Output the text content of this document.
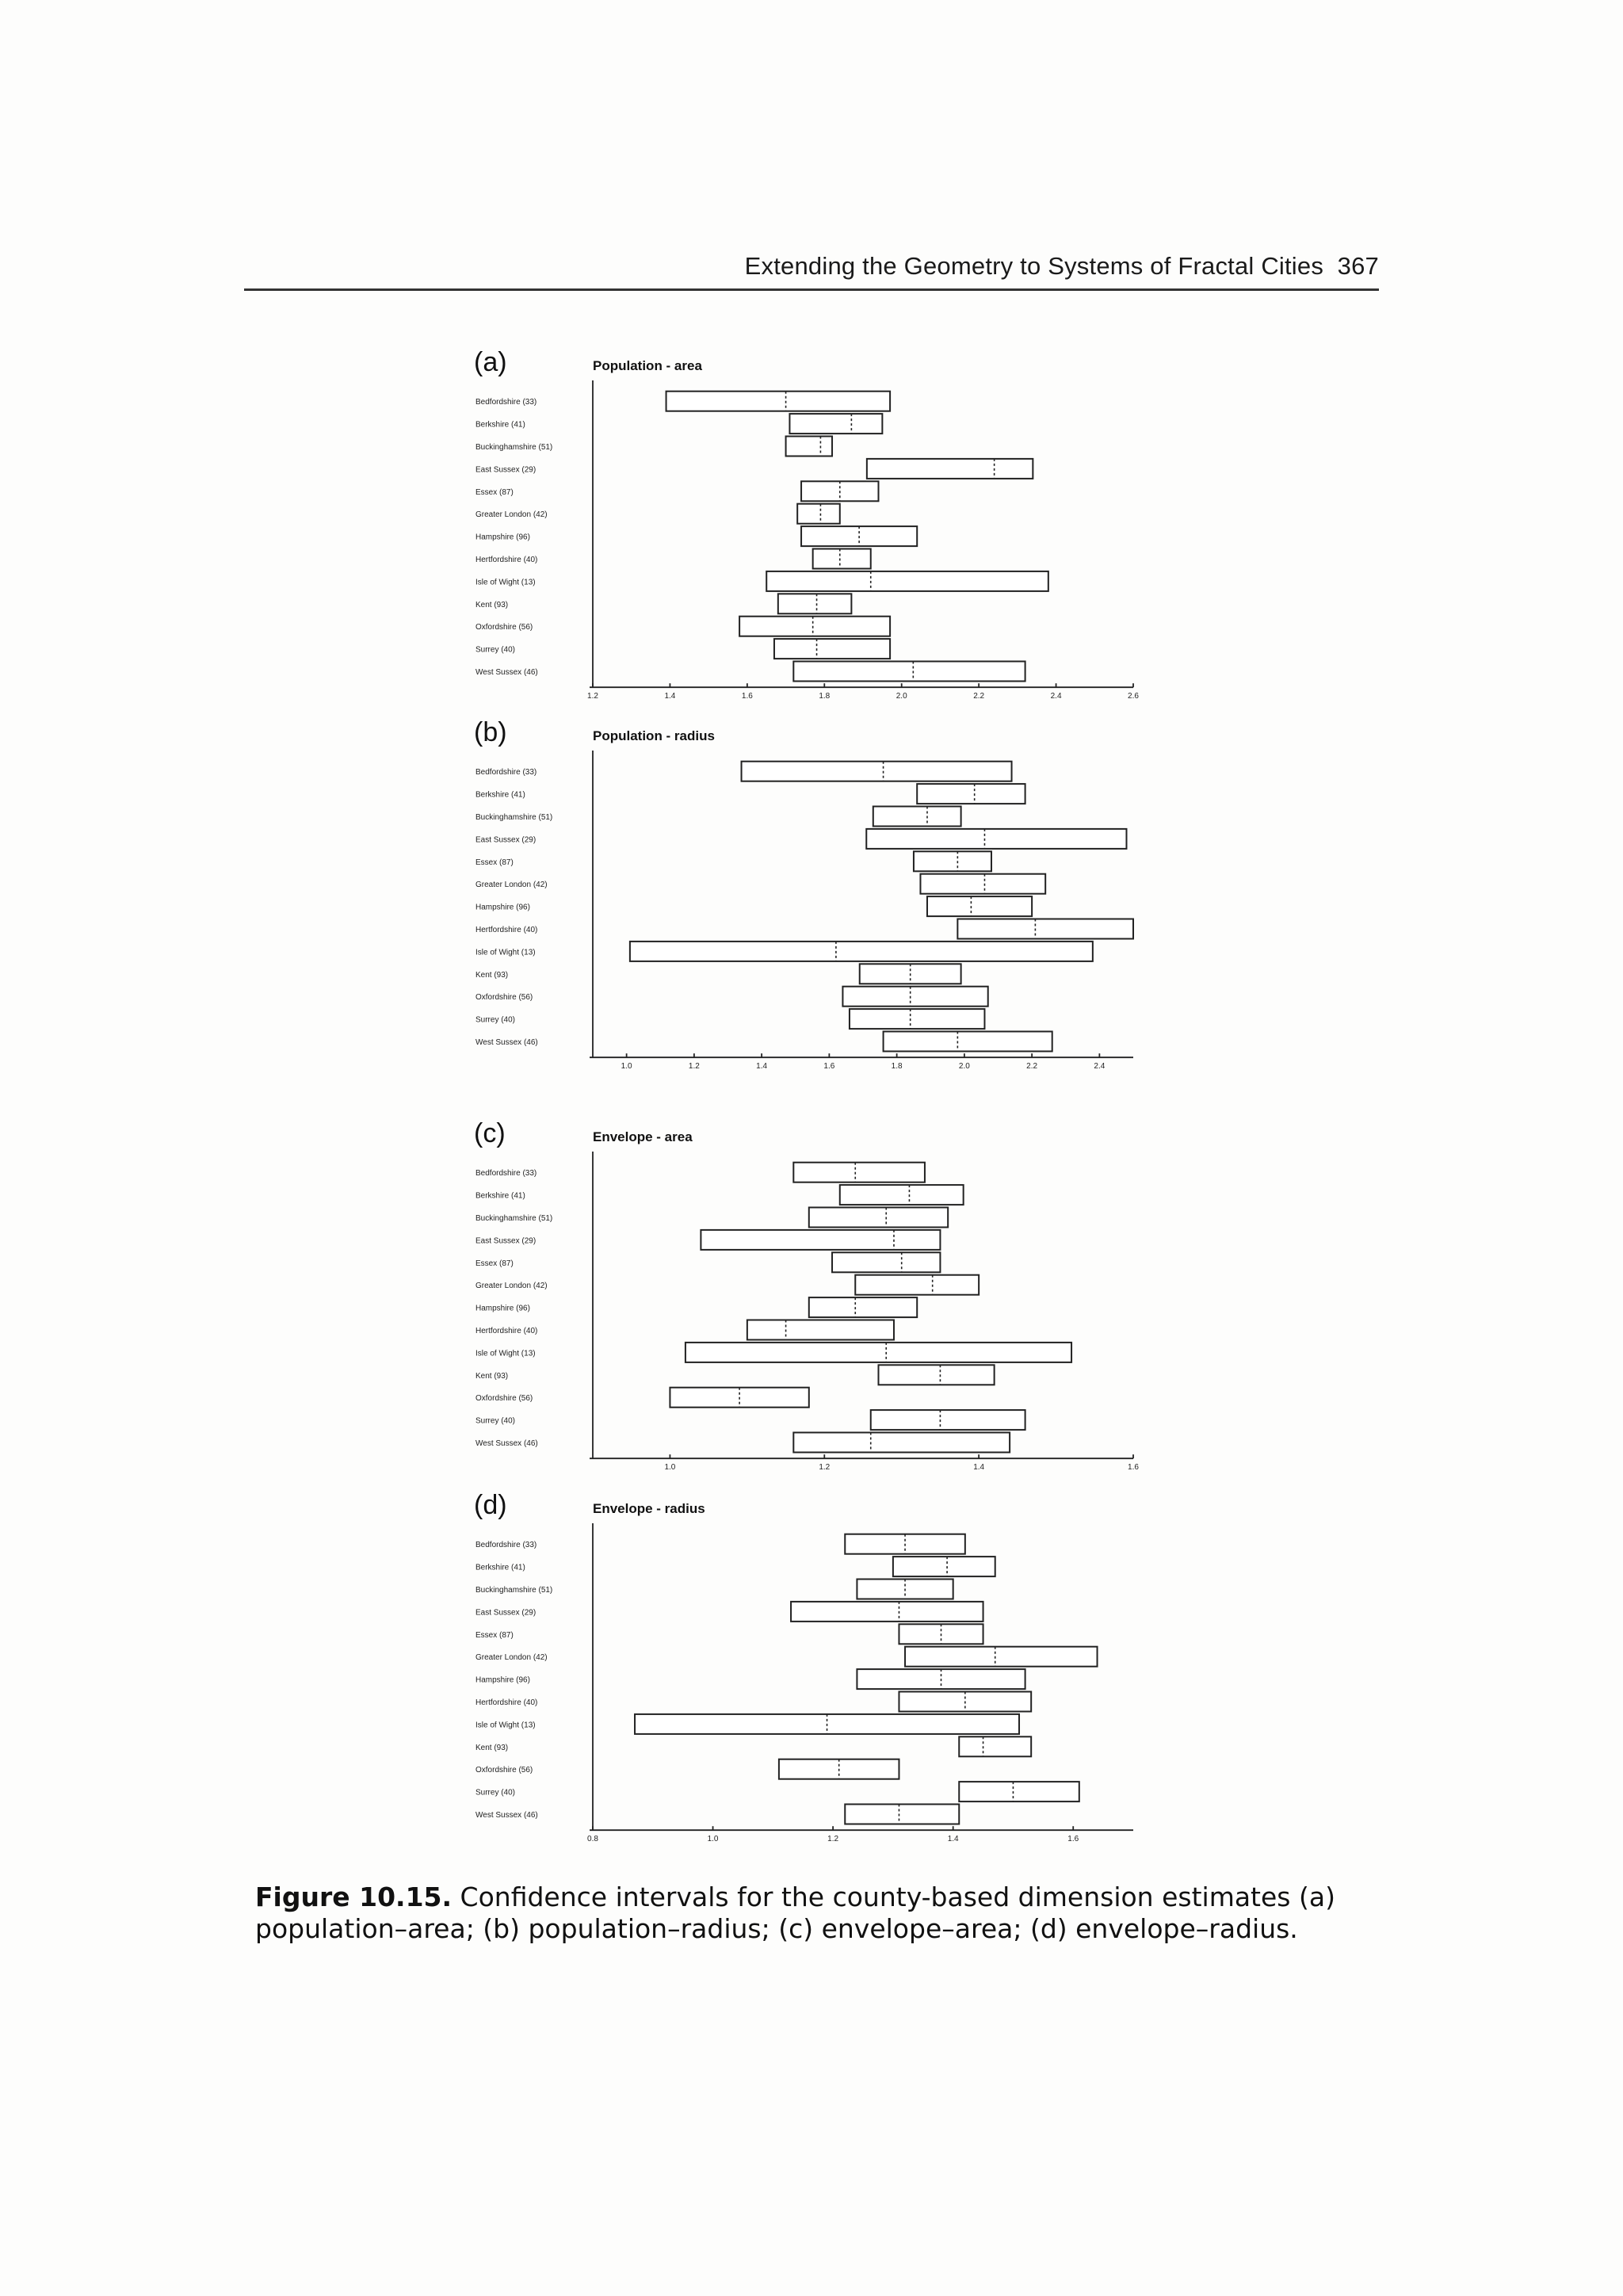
Extending the Geometry to Systems of Fractal Cities 367
(a)	Population - area
Bedfordshire (33)
Berkshire (41)
Buckinghamshire (51)
East Sussex (29)
Essex (87)
Greater London (42)
Hampshire (96)
Hertfordshire (40)
Isle of Wight (13)
Kent (93)
Oxfordshire (56)
Surrey (40)
West Sussex (46)
1.2	1.4	1.6	1.8	2.0	2.2	2.4	2.6
(b)	Population - radius
Bedfordshire (33)
Berkshire (41)
Buckinghamshire (51)
East Sussex (29)
Essex (87)
Greater London (42)
Hampshire (96)
Hertfordshire (40)
Isle of Wight (13)
Kent (93)
Oxfordshire (56)
Surrey (40)
West Sussex (46)
1.0	1.2	1.4	1.6	1.8	2.0	2.2	2.4
(c)	Envelope - area
Bedfordshire (33)
Berkshire (41)
Buckinghamshire (51)
East Sussex (29)
Essex (87)
Greater London (42)
Hampshire (96)
Hertfordshire (40)
Isle of Wight (13)
Kent (93)
Oxfordshire (56)
Surrey (40)
West Sussex (46)
1.0	1.2	1.4	1.6
(d)	Envelope - radius
Bedfordshire (33)
Berkshire (41)
Buckinghamshire (51)
East Sussex (29)
Essex (87)
Greater London (42)
Hampshire (96)
Hertfordshire (40)
Isle of Wight (13)
Kent (93)
Oxfordshire (56)
Surrey (40)
West Sussex (46)
0.8	1.0	1.2	1.4	1.6
Figure 10.15. Confidence intervals for the county-based dimension estimates (a) population–area; (b) population–radius; (c) envelope–area; (d) envelope–radius.
